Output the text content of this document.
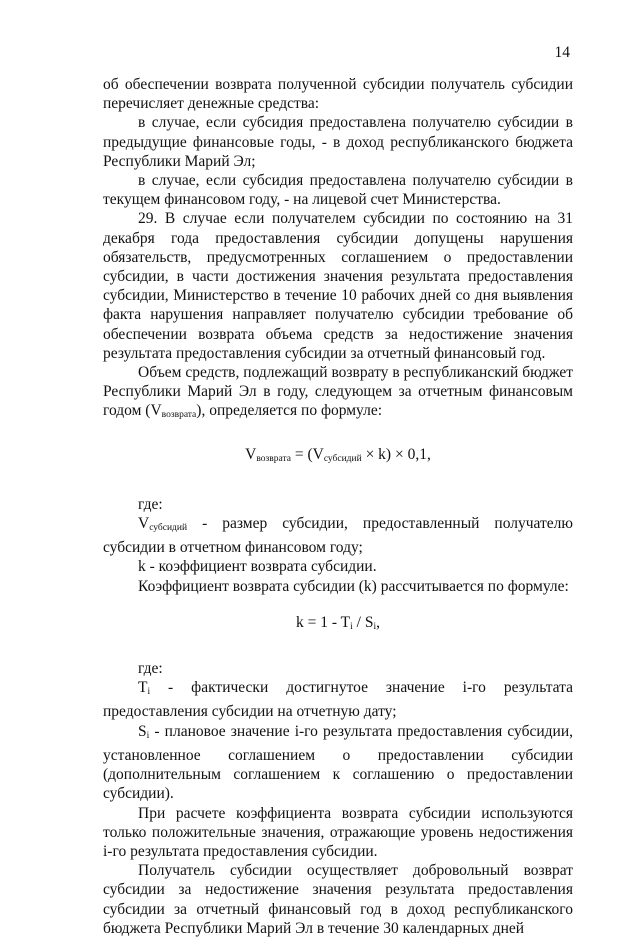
14

об обеспечении возврата полученной субсидии получатель субсидии перечисляет денежные средства:

в случае, если субсидия предоставлена получателю субсидии в предыдущие финансовые годы, - в доход республиканского бюджета Республики Марий Эл;

в случае, если субсидия предоставлена получателю субсидии в текущем финансовом году, - на лицевой счет Министерства.

29. В случае если получателем субсидии по состоянию на 31 декабря года предоставления субсидии допущены нарушения обязательств, предусмотренных соглашением о предоставлении субсидии, в части достижения значения результата предоставления субсидии, Министерство в течение 10 рабочих дней со дня выявления факта нарушения направляет получателю субсидии требование об обеспечении возврата объема средств за недостижение значения результата предоставления субсидии за отчетный финансовый год.

Объем средств, подлежащий возврату в республиканский бюджет Республики Марий Эл в году, следующем за отчетным финансовым годом $(V_{возврата})$, определяется по формуле:

$V_{возврата} = (V_{субсидий} \times k) \times 0,1$,

где:

$V_{субсидий}$ - размер субсидии, предоставленный получателю субсидии в отчетном финансовом году;

k - коэффициент возврата субсидии.

Коэффициент возврата субсидии (k) рассчитывается по формуле:

$k = 1 - T_i / S_i$,

где:

$T_i$ - фактически достигнутое значение i-го результата предоставления субсидии на отчетную дату;

$S_i$ - плановое значение i-го результата предоставления субсидии, установленное соглашением о предоставлении субсидии (дополнительным соглашением к соглашению о предоставлении субсидии).

При расчете коэффициента возврата субсидии используются только положительные значения, отражающие уровень недостижения i-го результата предоставления субсидии.

Получатель субсидии осуществляет добровольный возврат субсидии за недостижение значения результата предоставления субсидии за отчетный финансовый год в доход республиканского бюджета Республики Марий Эл в течение 30 календарных дней
